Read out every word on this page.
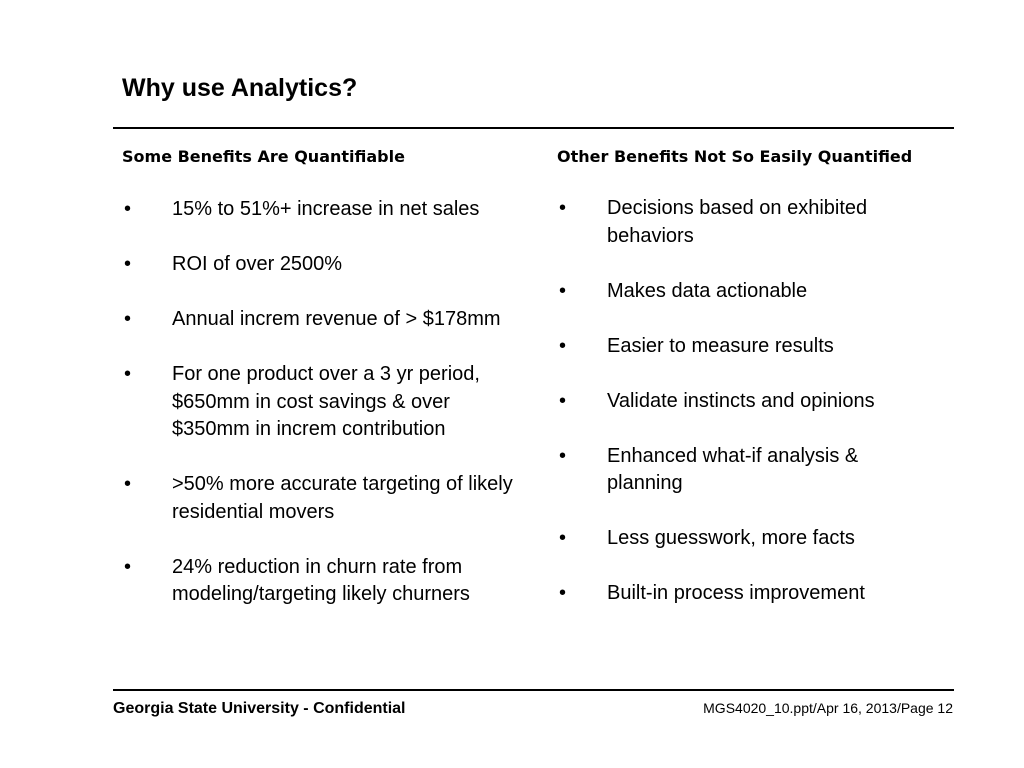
Why use Analytics?

Some Benefits Are Quantifiable

• 15% to 51%+ increase in net sales
• ROI of over 2500%
• Annual increm revenue of > $178mm
• For one product over a 3 yr period, $650mm in cost savings & over $350mm in increm contribution
• >50% more accurate targeting of likely residential movers
• 24% reduction in churn rate from modeling/targeting likely churners

Other Benefits Not So Easily Quantified

• Decisions based on exhibited behaviors
• Makes data actionable
• Easier to measure results
• Validate instincts and opinions
• Enhanced what-if analysis & planning
• Less guesswork, more facts
• Built-in process improvement
Georgia State University - Confidential	MGS4020_10.ppt/Apr 16, 2013/Page 12
